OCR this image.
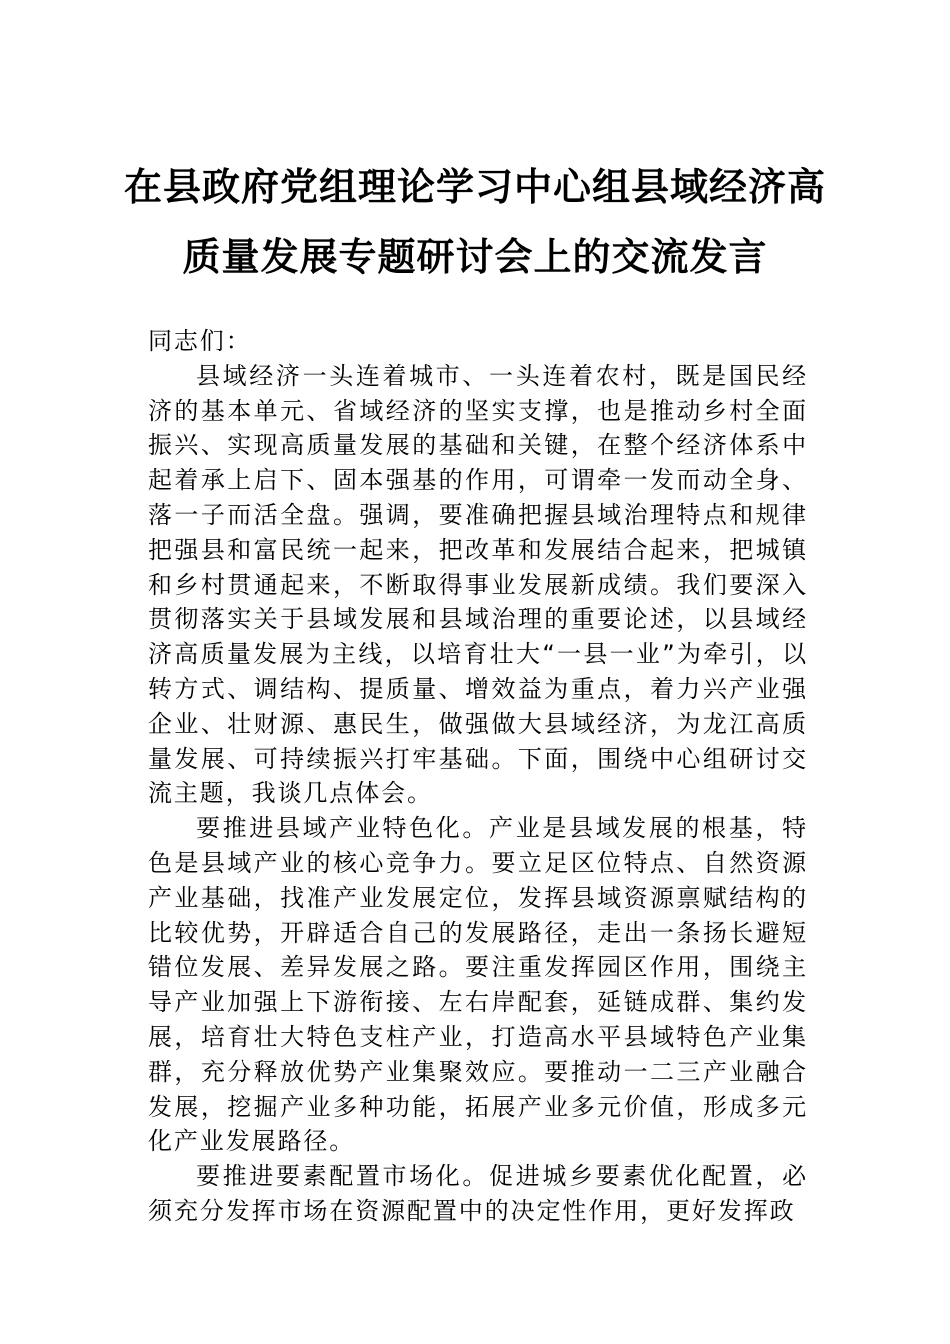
在县政府党组理论学习中心组县域经济高
质量发展专题研讨会上的交流发言

同志们：

县域经济一头连着城市、一头连着农村，既是国民经济的基本单元、省域经济的坚实支撑，也是推动乡村全面振兴、实现高质量发展的基础和关键，在整个经济体系中起着承上启下、固本强基的作用，可谓牵一发而动全身、落一子而活全盘。强调，要准确把握县域治理特点和规律把强县和富民统一起来，把改革和发展结合起来，把城镇和乡村贯通起来，不断取得事业发展新成绩。我们要深入贯彻落实关于县域发展和县域治理的重要论述，以县域经济高质量发展为主线，以培育壮大“一县一业”为牵引，以转方式、调结构、提质量、增效益为重点，着力兴产业强企业、壮财源、惠民生，做强做大县域经济，为龙江高质量发展、可持续振兴打牢基础。下面，围绕中心组研讨交流主题，我谈几点体会。

要推进县域产业特色化。产业是县域发展的根基，特色是县域产业的核心竞争力。要立足区位特点、自然资源产业基础，找准产业发展定位，发挥县域资源禀赋结构的比较优势，开辟适合自己的发展路径，走出一条扬长避短错位发展、差异发展之路。要注重发挥园区作用，围绕主导产业加强上下游衔接、左右岸配套，延链成群、集约发展，培育壮大特色支柱产业，打造高水平县域特色产业集群，充分释放优势产业集聚效应。要推动一二三产业融合发展，挖掘产业多种功能，拓展产业多元价值，形成多元化产业发展路径。

要推进要素配置市场化。促进城乡要素优化配置，必须充分发挥市场在资源配置中的决定性作用，更好发挥政
